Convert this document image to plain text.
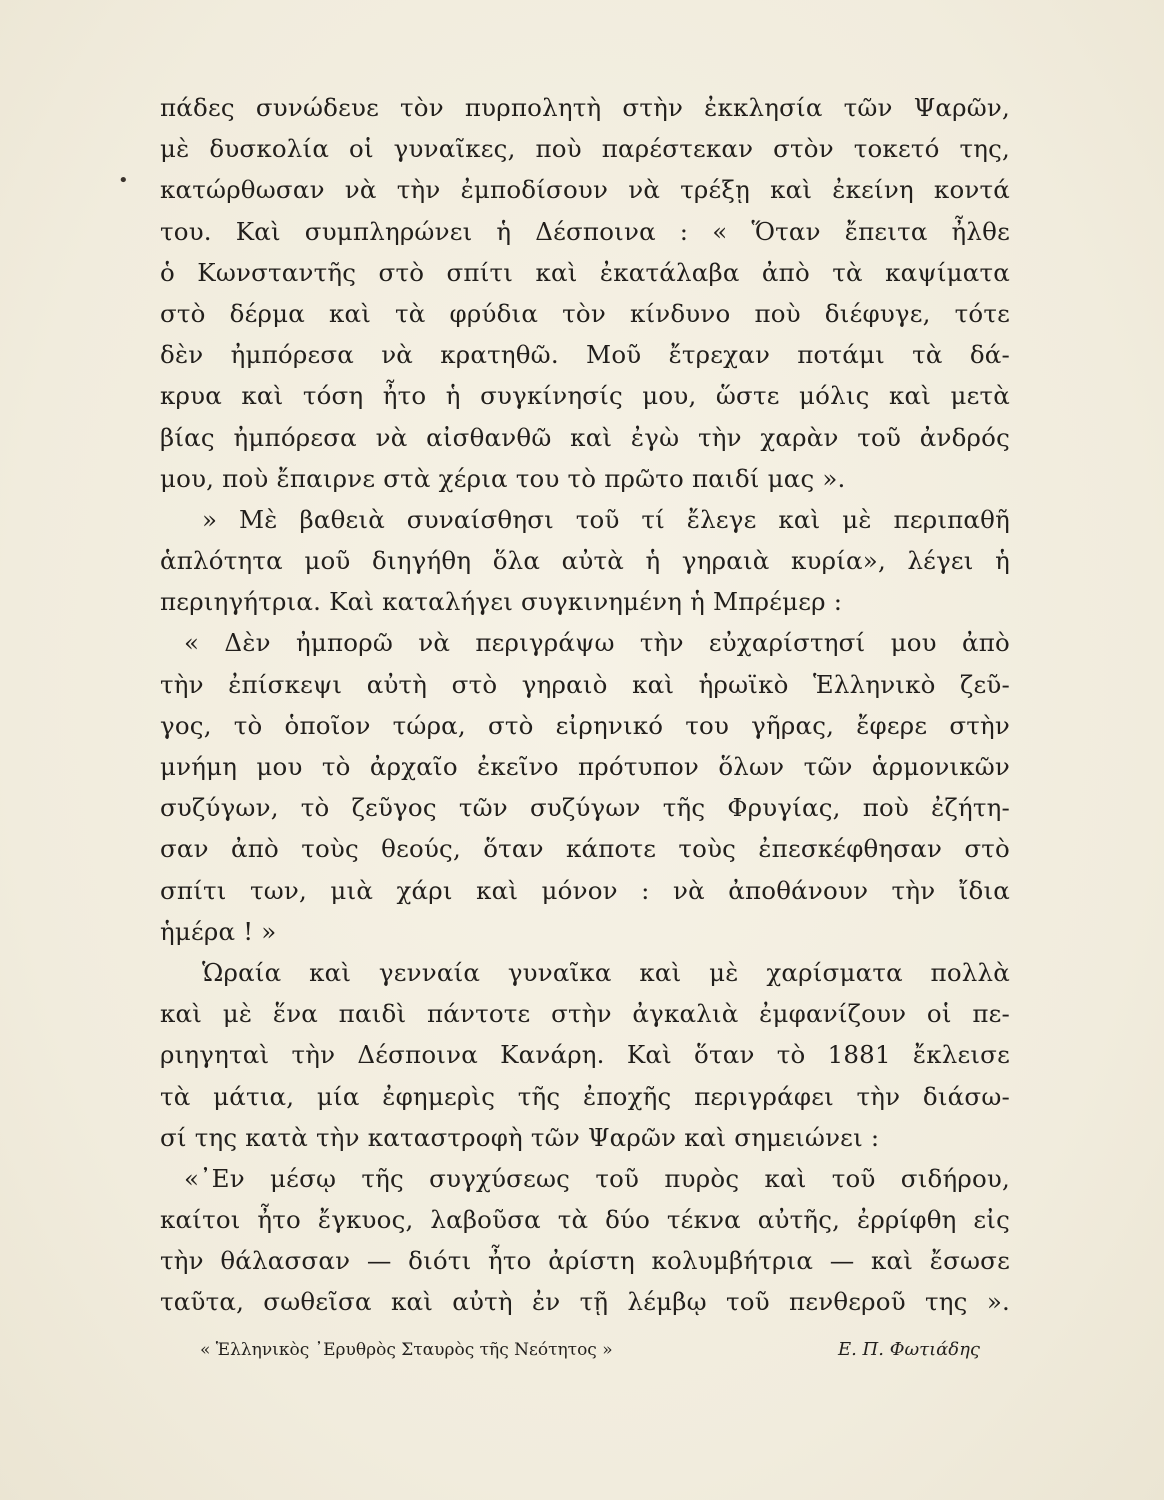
•
πάδες συνώδευε τὸν πυρπολητὴ στὴν ἐκκλησία τῶν Ψαρῶν,
μὲ δυσκολία οἱ γυναῖκες, ποὺ παρέστεκαν στὸν τοκετό της,
κατώρθωσαν νὰ τὴν ἐμποδίσουν νὰ τρέξῃ καὶ ἐκείνη κοντά
του. Καὶ συμπληρώνει ἡ Δέσποινα : « Ὅταν ἔπειτα ἦλθε
ὁ Κωνσταντῆς στὸ σπίτι καὶ ἐκατάλαβα ἀπὸ τὰ καψίματα
στὸ δέρμα καὶ τὰ φρύδια τὸν κίνδυνο ποὺ διέφυγε, τότε
δὲν ἠμπόρεσα νὰ κρατηθῶ. Μοῦ ἔτρεχαν ποτάμι τὰ δά-
κρυα καὶ τόση ἦτο ἡ συγκίνησίς μου, ὥστε μόλις καὶ μετὰ
βίας ἠμπόρεσα νὰ αἰσθανθῶ καὶ ἐγὼ τὴν χαρὰν τοῦ ἀνδρός
μου, ποὺ ἔπαιρνε στὰ χέρια του τὸ πρῶτο παιδί μας ».
» Μὲ βαθειὰ συναίσθησι τοῦ τί ἔλεγε καὶ μὲ περιπαθῆ
ἁπλότητα μοῦ διηγήθη ὅλα αὐτὰ ἡ γηραιὰ κυρία», λέγει ἡ
περιηγήτρια. Καὶ καταλήγει συγκινημένη ἡ Μπρέμερ :
« Δὲν ἠμπορῶ νὰ περιγράψω τὴν εὐχαρίστησί μου ἀπὸ
τὴν ἐπίσκεψι αὐτὴ στὸ γηραιὸ καὶ ἡρωϊκὸ Ἑλληνικὸ ζεῦ-
γος, τὸ ὁποῖον τώρα, στὸ εἰρηνικό του γῆρας, ἔφερε στὴν
μνήμη μου τὸ ἀρχαῖο ἐκεῖνο πρότυπον ὅλων τῶν ἁρμονικῶν
συζύγων, τὸ ζεῦγος τῶν συζύγων τῆς Φρυγίας, ποὺ ἐζήτη-
σαν ἀπὸ τοὺς θεούς, ὅταν κάποτε τοὺς ἐπεσκέφθησαν στὸ
σπίτι των, μιὰ χάρι καὶ μόνον : νὰ ἀποθάνουν τὴν ἴδια
ἡμέρα ! »
Ὡραία καὶ γενναία γυναῖκα καὶ μὲ χαρίσματα πολλὰ
καὶ μὲ ἕνα παιδὶ πάντοτε στὴν ἀγκαλιὰ ἐμφανίζουν οἱ πε-
ριηγηταὶ τὴν Δέσποινα Κανάρη. Καὶ ὅταν τὸ 1881 ἔκλεισε
τὰ μάτια, μία ἐφημερὶς τῆς ἐποχῆς περιγράφει τὴν διάσω-
σί της κατὰ τὴν καταστροφὴ τῶν Ψαρῶν καὶ σημειώνει :
«᾿Εν μέσῳ τῆς συγχύσεως τοῦ πυρὸς καὶ τοῦ σιδήρου,
καίτοι ἦτο ἔγκυος, λαβοῦσα τὰ δύο τέκνα αὐτῆς, ἐρρίφθη εἰς
τὴν θάλασσαν — διότι ἦτο ἀρίστη κολυμβήτρια — καὶ ἔσωσε
ταῦτα, σωθεῖσα καὶ αὐτὴ ἐν τῇ λέμβῳ τοῦ πενθεροῦ της ».
« Ἑλληνικὸς ᾿Ερυθρὸς Σταυρὸς τῆς Νεότητος »	Ε. Π. Φωτιάδης
